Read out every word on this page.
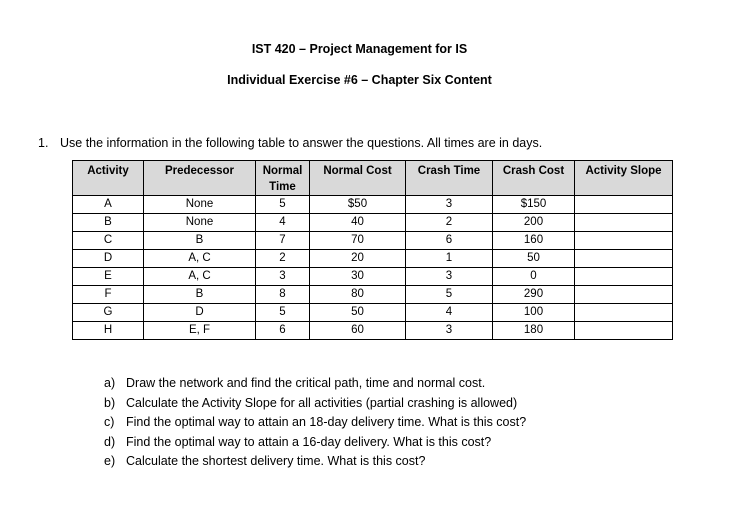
IST 420 – Project Management for IS
Individual Exercise #6 – Chapter Six Content
1. Use the information in the following table to answer the questions. All times are in days.
Activity	Predecessor	Normal Time	Normal Cost	Crash Time	Crash Cost	Activity Slope
A	None	5	$50	3	$150	
B	None	4	40	2	200	
C	B	7	70	6	160	
D	A, C	2	20	1	50	
E	A, C	3	30	3	0	
F	B	8	80	5	290	
G	D	5	50	4	100	
H	E, F	6	60	3	180	
a) Draw the network and find the critical path, time and normal cost.
b) Calculate the Activity Slope for all activities (partial crashing is allowed)
c) Find the optimal way to attain an 18-day delivery time. What is this cost?
d) Find the optimal way to attain a 16-day delivery. What is this cost?
e) Calculate the shortest delivery time. What is this cost?
